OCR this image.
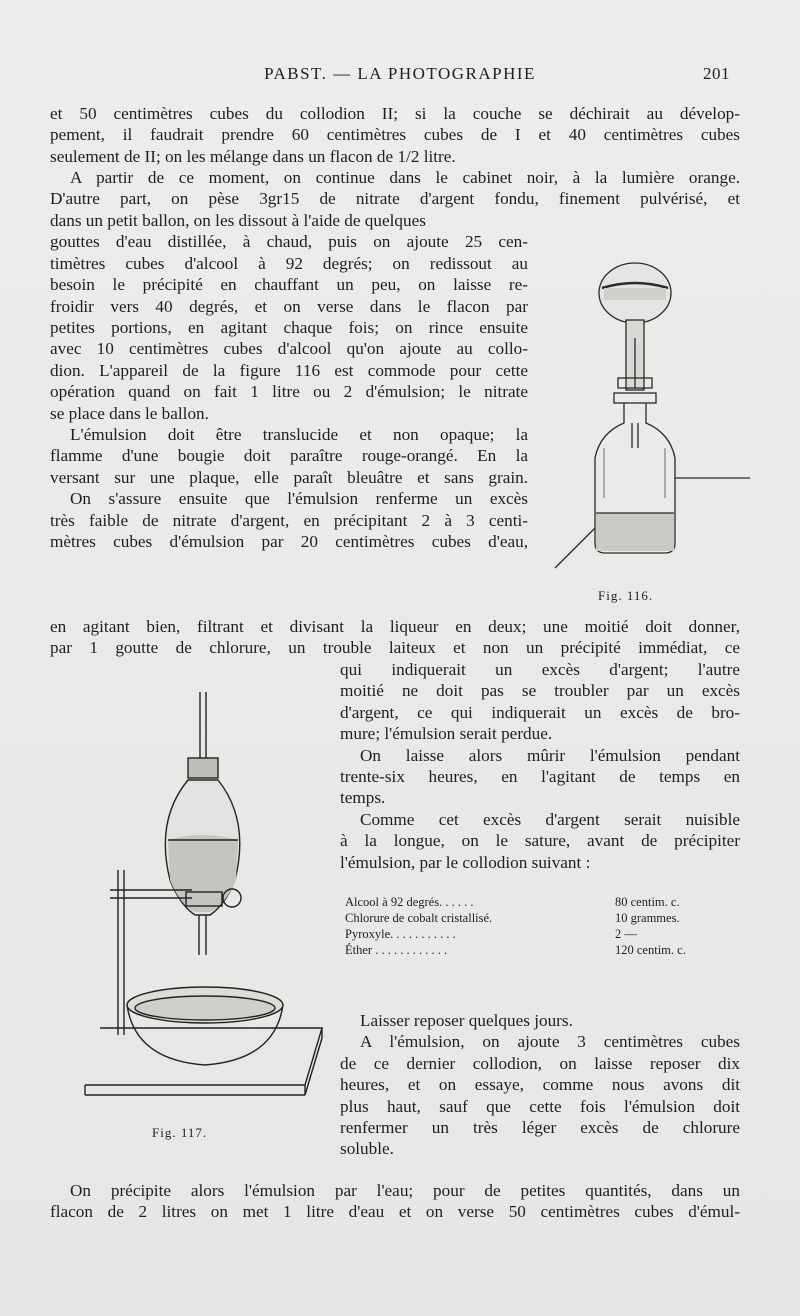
PABST. — LA PHOTOGRAPHIE	201
et 50 centimètres cubes du collodion II; si la couche se déchirait au dévelop-
pement, il faudrait prendre 60 centimètres cubes de I et 40 centimètres cubes
seulement de II; on les mélange dans un flacon de 1/2 litre.
A partir de ce moment, on continue dans le cabinet noir, à la lumière orange.
D'autre part, on pèse 3gr15 de nitrate d'argent fondu, finement pulvérisé, et
dans un petit ballon, on les dissout à l'aide de quelques
gouttes d'eau distillée, à chaud, puis on ajoute 25 cen-
timètres cubes d'alcool à 92 degrés; on redissout au
besoin le précipité en chauffant un peu, on laisse re-
froidir vers 40 degrés, et on verse dans le flacon par
petites portions, en agitant chaque fois; on rince ensuite
avec 10 centimètres cubes d'alcool qu'on ajoute au collo-
dion. L'appareil de la figure 116 est commode pour cette
opération quand on fait 1 litre ou 2 d'émulsion; le nitrate
se place dans le ballon.
L'émulsion doit être translucide et non opaque; la
flamme d'une bougie doit paraître rouge-orangé. En la
versant sur une plaque, elle paraît bleuâtre et sans grain.
On s'assure ensuite que l'émulsion renferme un excès
très faible de nitrate d'argent, en précipitant 2 à 3 centi-
mètres cubes d'émulsion par 20 centimètres cubes d'eau,
en agitant bien, filtrant et divisant la liqueur en deux; une moitié doit donner,
par 1 goutte de chlorure, un trouble laiteux et non un précipité immédiat, ce
qui indiquerait un excès d'argent; l'autre
moitié ne doit pas se troubler par un excès
d'argent, ce qui indiquerait un excès de bro-
mure; l'émulsion serait perdue.
On laisse alors mûrir l'émulsion pendant
trente-six heures, en l'agitant de temps en
temps.
Comme cet excès d'argent serait nuisible
à la longue, on le sature, avant de précipiter
l'émulsion, par le collodion suivant :
Alcool à 92 degrés. . . . . .	80 centim. c.
Chlorure de cobalt cristallisé.	10 grammes.
Pyroxyle. . . . . . . . . . .	2 —
Éther . . . . . . . . . . . .	120 centim. c.
Laisser reposer quelques jours.
A l'émulsion, on ajoute 3 centimètres cubes
de ce dernier collodion, on laisse reposer dix
heures, et on essaye, comme nous avons dit
plus haut, sauf que cette fois l'émulsion doit
renfermer un très léger excès de chlorure
soluble.
On précipite alors l'émulsion par l'eau; pour de petites quantités, dans un
flacon de 2 litres on met 1 litre d'eau et on verse 50 centimètres cubes d'émul-
Fig. 116.
Fig. 117.
